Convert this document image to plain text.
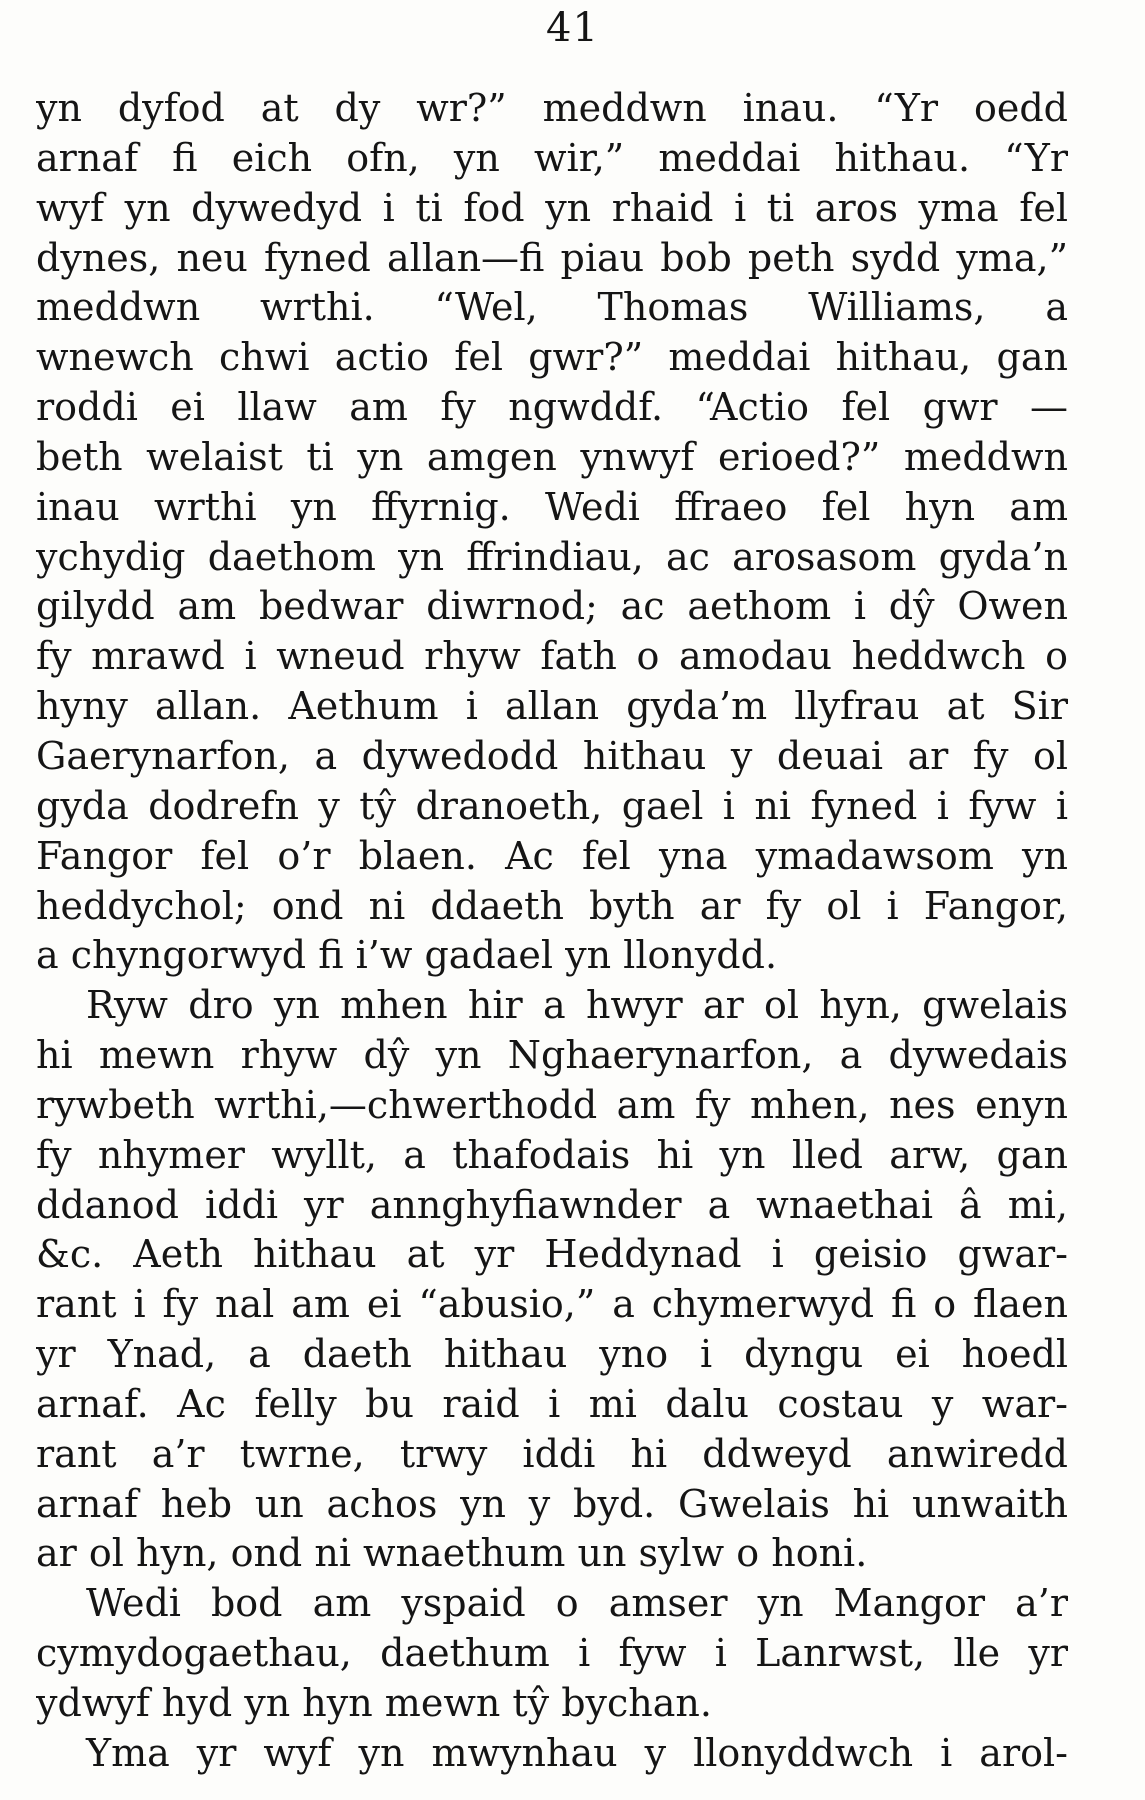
41
yn dyfod at dy wr?” meddwn inau. “Yr oedd
arnaf fi eich ofn, yn wir,” meddai hithau. “Yr
wyf yn dywedyd i ti fod yn rhaid i ti aros yma fel
dynes, neu fyned allan—fi piau bob peth sydd yma,”
meddwn wrthi. “Wel, Thomas Williams, a
wnewch chwi actio fel gwr?” meddai hithau, gan
roddi ei llaw am fy ngwddf. “Actio fel gwr —
beth welaist ti yn amgen ynwyf erioed?” meddwn
inau wrthi yn ffyrnig. Wedi ffraeo fel hyn am
ychydig daethom yn ffrindiau, ac arosasom gyda’n
gilydd am bedwar diwrnod; ac aethom i dŷ Owen
fy mrawd i wneud rhyw fath o amodau heddwch o
hyny allan. Aethum i allan gyda’m llyfrau at Sir
Gaerynarfon, a dywedodd hithau y deuai ar fy ol
gyda dodrefn y tŷ dranoeth, gael i ni fyned i fyw i
Fangor fel o’r blaen. Ac fel yna ymadawsom yn
heddychol; ond ni ddaeth byth ar fy ol i Fangor,
a chyngorwyd fi i’w gadael yn llonydd.
Ryw dro yn mhen hir a hwyr ar ol hyn, gwelais
hi mewn rhyw dŷ yn Nghaerynarfon, a dywedais
rywbeth wrthi,—chwerthodd am fy mhen, nes enyn
fy nhymer wyllt, a thafodais hi yn lled arw, gan
ddanod iddi yr annghyfiawnder a wnaethai â mi,
&c. Aeth hithau at yr Heddynad i geisio gwar-
rant i fy nal am ei “abusio,” a chymerwyd fi o flaen
yr Ynad, a daeth hithau yno i dyngu ei hoedl
arnaf. Ac felly bu raid i mi dalu costau y war-
rant a’r twrne, trwy iddi hi ddweyd anwiredd
arnaf heb un achos yn y byd. Gwelais hi unwaith
ar ol hyn, ond ni wnaethum un sylw o honi.
Wedi bod am yspaid o amser yn Mangor a’r
cymydogaethau, daethum i fyw i Lanrwst, lle yr
ydwyf hyd yn hyn mewn tŷ bychan.
Yma yr wyf yn mwynhau y llonyddwch i arol-
